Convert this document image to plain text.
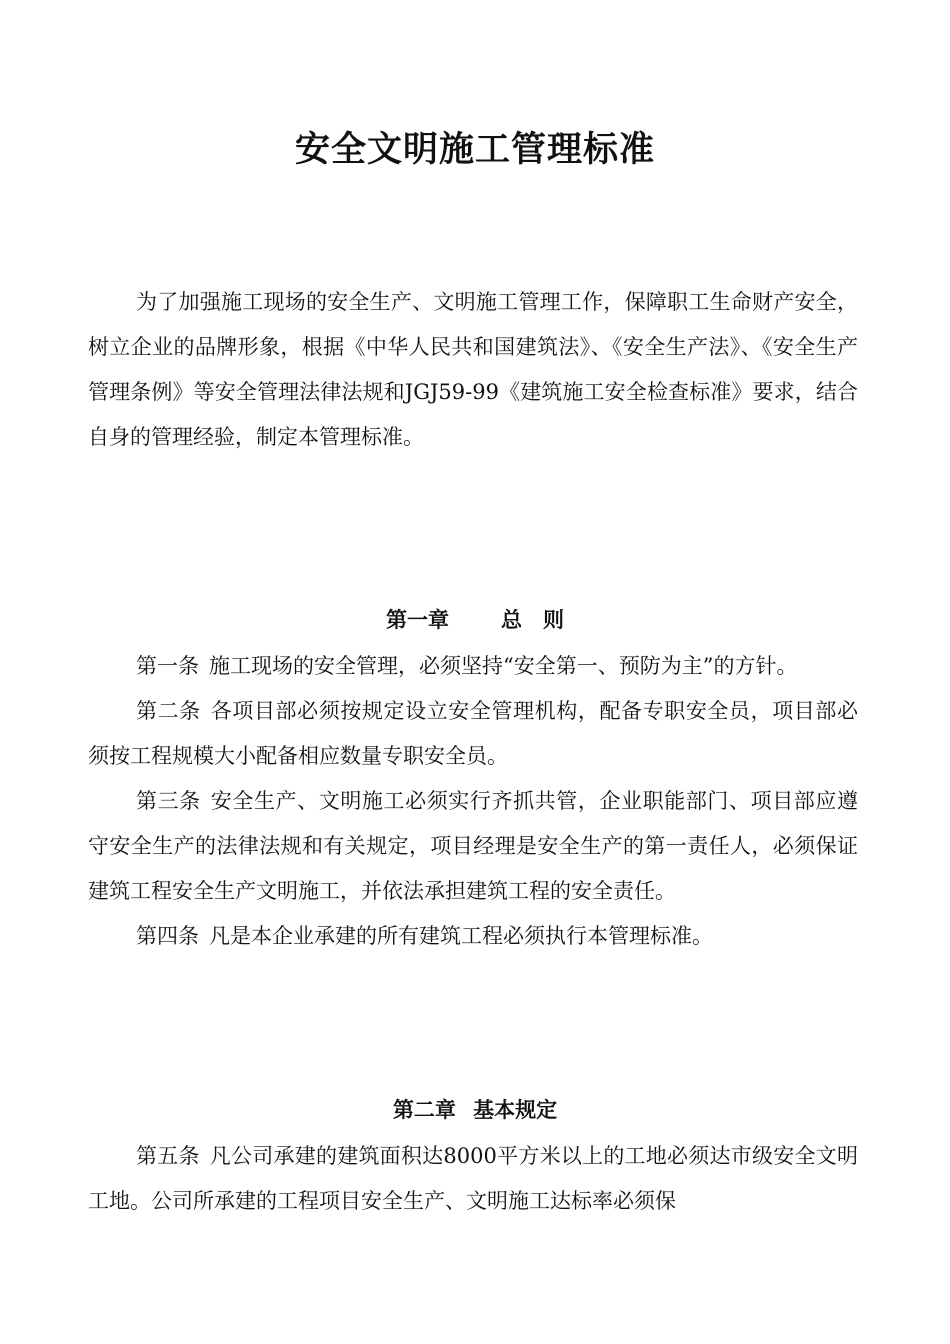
安全文明施工管理标准

为了加强施工现场的安全生产、文明施工管理工作，保障职工生命财产安全，树立企业的品牌形象，根据《中华人民共和国建筑法》、《安全生产法》、《安全生产管理条例》等安全管理法律法规和JGJ59-99《建筑施工安全检查标准》要求，结合自身的管理经验，制定本管理标准。

第一章　　 总　则

第一条 施工现场的安全管理，必须坚持“安全第一、预防为主”的方针。

第二条 各项目部必须按规定设立安全管理机构，配备专职安全员，项目部必须按工程规模大小配备相应数量专职安全员。

第三条 安全生产、文明施工必须实行齐抓共管，企业职能部门、项目部应遵守安全生产的法律法规和有关规定，项目经理是安全生产的第一责任人，必须保证建筑工程安全生产文明施工，并依法承担建筑工程的安全责任。

第四条 凡是本企业承建的所有建筑工程必须执行本管理标准。

第二章 基本规定

第五条 凡公司承建的建筑面积达8000平方米以上的工地必须达市级安全文明工地。公司所承建的工程项目安全生产、文明施工达标率必须保
